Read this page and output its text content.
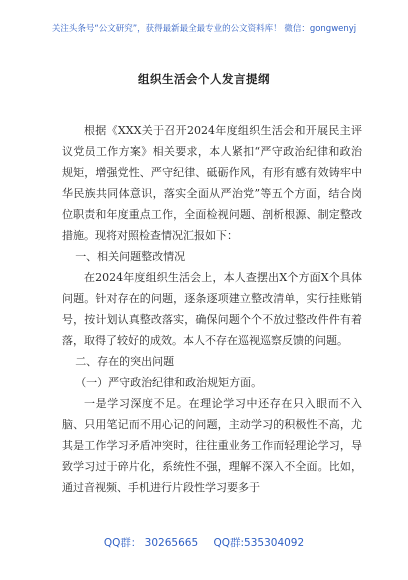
关注头条号“公文研究”，获得最新最全最专业的公文资料库！ 微信：gongwenyj
组织生活会个人发言提纲

根据《XXX关于召开2024年度组织生活会和开展民主评议党员工作方案》相关要求，本人紧扣“严守政治纪律和政治规矩，增强党性、严守纪律、砥砺作风，有形有感有效铸牢中华民族共同体意识，落实全面从严治党”等五个方面，结合岗位职责和年度重点工作，全面检视问题、剖析根源、制定整改措施。现将对照检查情况汇报如下：

一、相关问题整改情况

在2024年度组织生活会上，本人查摆出X个方面X个具体问题。针对存在的问题，逐条逐项建立整改清单，实行挂账销号，按计划认真整改落实，确保问题个个不放过整改件件有着落，取得了较好的成效。本人不存在巡视巡察反馈的问题。

二、存在的突出问题

（一）严守政治纪律和政治规矩方面。

一是学习深度不足。在理论学习中还存在只入眼而不入脑、只用笔记而不用心记的问题，主动学习的积极性不高，尤其是工作学习矛盾冲突时，往往重业务工作而轻理论学习，导致学习过于碎片化，系统性不强，理解不深入不全面。比如，通过音视频、手机进行片段性学习要多于

QQ群： 30265665 QQ群:535304092
